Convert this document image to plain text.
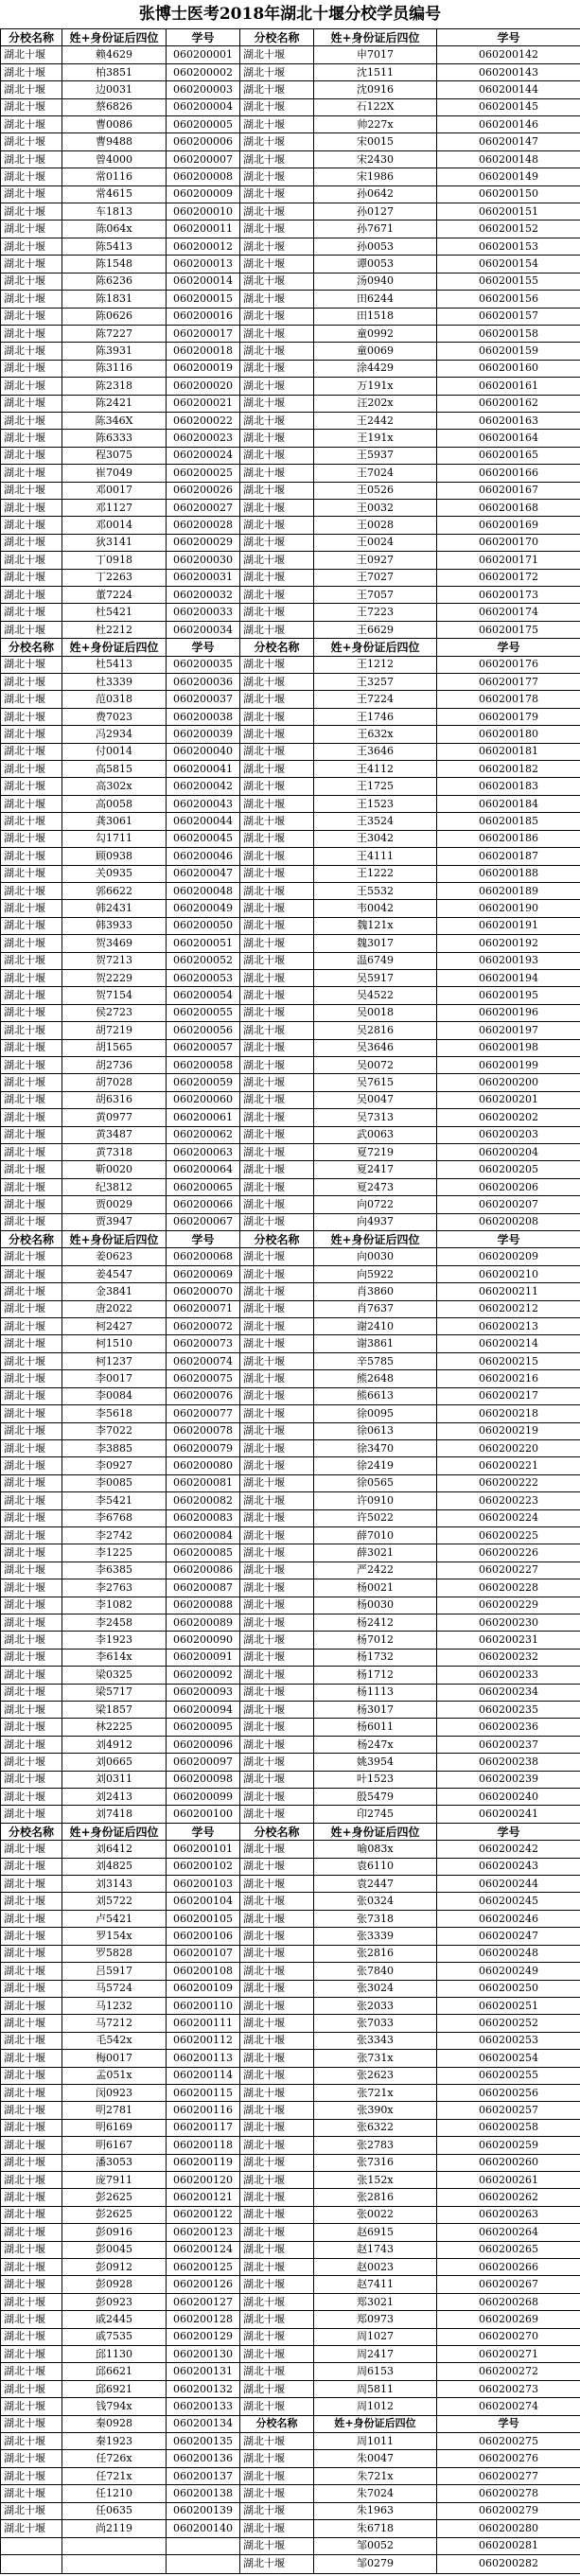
张博士医考2018年湖北十堰分校学员编号
分校名称	姓+身份证后四位	学号	分校名称	姓+身份证后四位	学号
湖北十堰	赖4629	060200001	湖北十堰	申7017	060200142
湖北十堰	柏3851	060200002	湖北十堰	沈1511	060200143
湖北十堰	边0031	060200003	湖北十堰	沈0916	060200144
湖北十堰	蔡6826	060200004	湖北十堰	石122X	060200145
湖北十堰	曹0086	060200005	湖北十堰	帅227x	060200146
湖北十堰	曹9488	060200006	湖北十堰	宋0015	060200147
湖北十堰	曾4000	060200007	湖北十堰	宋2430	060200148
湖北十堰	常0116	060200008	湖北十堰	宋1986	060200149
湖北十堰	常4615	060200009	湖北十堰	孙0642	060200150
湖北十堰	车1813	060200010	湖北十堰	孙0127	060200151
湖北十堰	陈064x	060200011	湖北十堰	孙7671	060200152
湖北十堰	陈5413	060200012	湖北十堰	孙0053	060200153
湖北十堰	陈1548	060200013	湖北十堰	谭0053	060200154
湖北十堰	陈6236	060200014	湖北十堰	汤0940	060200155
湖北十堰	陈1831	060200015	湖北十堰	田6244	060200156
湖北十堰	陈0626	060200016	湖北十堰	田1518	060200157
湖北十堰	陈7227	060200017	湖北十堰	童0992	060200158
湖北十堰	陈3931	060200018	湖北十堰	童0069	060200159
湖北十堰	陈3116	060200019	湖北十堰	涂4429	060200160
湖北十堰	陈2318	060200020	湖北十堰	万191x	060200161
湖北十堰	陈2421	060200021	湖北十堰	汪202x	060200162
湖北十堰	陈346X	060200022	湖北十堰	王2442	060200163
湖北十堰	陈6333	060200023	湖北十堰	王191x	060200164
湖北十堰	程3075	060200024	湖北十堰	王5937	060200165
湖北十堰	崔7049	060200025	湖北十堰	王7024	060200166
湖北十堰	邓0017	060200026	湖北十堰	王0526	060200167
湖北十堰	邓1127	060200027	湖北十堰	王0032	060200168
湖北十堰	邓0014	060200028	湖北十堰	王0028	060200169
湖北十堰	狄3141	060200029	湖北十堰	王0024	060200170
湖北十堰	丁0918	060200030	湖北十堰	王0927	060200171
湖北十堰	丁2263	060200031	湖北十堰	王7027	060200172
湖北十堰	董7224	060200032	湖北十堰	王7057	060200173
湖北十堰	杜5421	060200033	湖北十堰	王7223	060200174
湖北十堰	杜2212	060200034	湖北十堰	王6629	060200175
分校名称	姓+身份证后四位	学号	分校名称	姓+身份证后四位	学号
湖北十堰	杜5413	060200035	湖北十堰	王1212	060200176
湖北十堰	杜3339	060200036	湖北十堰	王3257	060200177
湖北十堰	范0318	060200037	湖北十堰	王7224	060200178
湖北十堰	费7023	060200038	湖北十堰	王1746	060200179
湖北十堰	冯2934	060200039	湖北十堰	王632x	060200180
湖北十堰	付0014	060200040	湖北十堰	王3646	060200181
湖北十堰	高5815	060200041	湖北十堰	王4112	060200182
湖北十堰	高302x	060200042	湖北十堰	王1725	060200183
湖北十堰	高0058	060200043	湖北十堰	王1523	060200184
湖北十堰	龚3061	060200044	湖北十堰	王3524	060200185
湖北十堰	勾1711	060200045	湖北十堰	王3042	060200186
湖北十堰	顾0938	060200046	湖北十堰	王4111	060200187
湖北十堰	关0935	060200047	湖北十堰	王1222	060200188
湖北十堰	郭6622	060200048	湖北十堰	王5532	060200189
湖北十堰	韩2431	060200049	湖北十堰	韦0042	060200190
湖北十堰	韩3933	060200050	湖北十堰	魏121x	060200191
湖北十堰	贺3469	060200051	湖北十堰	魏3017	060200192
湖北十堰	贺7213	060200052	湖北十堰	温6749	060200193
湖北十堰	贺2229	060200053	湖北十堰	吴5917	060200194
湖北十堰	贺7154	060200054	湖北十堰	吴4522	060200195
湖北十堰	侯2723	060200055	湖北十堰	吴0018	060200196
湖北十堰	胡7219	060200056	湖北十堰	吴2816	060200197
湖北十堰	胡1565	060200057	湖北十堰	吴3646	060200198
湖北十堰	胡2736	060200058	湖北十堰	吴0072	060200199
湖北十堰	胡7028	060200059	湖北十堰	吴7615	060200200
湖北十堰	胡6316	060200060	湖北十堰	吴0047	060200201
湖北十堰	黄0977	060200061	湖北十堰	吴7313	060200202
湖北十堰	黄3487	060200062	湖北十堰	武0063	060200203
湖北十堰	黄7318	060200063	湖北十堰	夏7219	060200204
湖北十堰	靳0020	060200064	湖北十堰	夏2417	060200205
湖北十堰	纪3812	060200065	湖北十堰	夏2473	060200206
湖北十堰	贾0029	060200066	湖北十堰	向0722	060200207
湖北十堰	贾3947	060200067	湖北十堰	向4937	060200208
分校名称	姓+身份证后四位	学号	分校名称	姓+身份证后四位	学号
湖北十堰	姜0623	060200068	湖北十堰	向0030	060200209
湖北十堰	姜4547	060200069	湖北十堰	向5922	060200210
湖北十堰	金3841	060200070	湖北十堰	肖3860	060200211
湖北十堰	唐2022	060200071	湖北十堰	肖7637	060200212
湖北十堰	柯2427	060200072	湖北十堰	谢2410	060200213
湖北十堰	柯1510	060200073	湖北十堰	谢3861	060200214
湖北十堰	柯1237	060200074	湖北十堰	辛5785	060200215
湖北十堰	李0017	060200075	湖北十堰	熊2648	060200216
湖北十堰	李0084	060200076	湖北十堰	熊6613	060200217
湖北十堰	李5618	060200077	湖北十堰	徐0095	060200218
湖北十堰	李7022	060200078	湖北十堰	徐0613	060200219
湖北十堰	李3885	060200079	湖北十堰	徐3470	060200220
湖北十堰	李0927	060200080	湖北十堰	徐2419	060200221
湖北十堰	李0085	060200081	湖北十堰	徐0565	060200222
湖北十堰	李5421	060200082	湖北十堰	许0910	060200223
湖北十堰	李6768	060200083	湖北十堰	许5022	060200224
湖北十堰	李2742	060200084	湖北十堰	薛7010	060200225
湖北十堰	李1225	060200085	湖北十堰	薛3021	060200226
湖北十堰	李6385	060200086	湖北十堰	严2422	060200227
湖北十堰	李2763	060200087	湖北十堰	杨0021	060200228
湖北十堰	李1082	060200088	湖北十堰	杨0030	060200229
湖北十堰	李2458	060200089	湖北十堰	杨2412	060200230
湖北十堰	李1923	060200090	湖北十堰	杨7012	060200231
湖北十堰	李614x	060200091	湖北十堰	杨1732	060200232
湖北十堰	梁0325	060200092	湖北十堰	杨1712	060200233
湖北十堰	梁5717	060200093	湖北十堰	杨1113	060200234
湖北十堰	梁1857	060200094	湖北十堰	杨3017	060200235
湖北十堰	林2225	060200095	湖北十堰	杨6011	060200236
湖北十堰	刘4912	060200096	湖北十堰	杨247x	060200237
湖北十堰	刘0665	060200097	湖北十堰	姚3954	060200238
湖北十堰	刘0311	060200098	湖北十堰	叶1523	060200239
湖北十堰	刘2413	060200099	湖北十堰	殷5479	060200240
湖北十堰	刘7418	060200100	湖北十堰	印2745	060200241
分校名称	姓+身份证后四位	学号	分校名称	姓+身份证后四位	学号
湖北十堰	刘6412	060200101	湖北十堰	喻083x	060200242
湖北十堰	刘4825	060200102	湖北十堰	袁6110	060200243
湖北十堰	刘3143	060200103	湖北十堰	袁2447	060200244
湖北十堰	刘5722	060200104	湖北十堰	张0324	060200245
湖北十堰	卢5421	060200105	湖北十堰	张7318	060200246
湖北十堰	罗154x	060200106	湖北十堰	张3339	060200247
湖北十堰	罗5828	060200107	湖北十堰	张2816	060200248
湖北十堰	吕5917	060200108	湖北十堰	张7840	060200249
湖北十堰	马5724	060200109	湖北十堰	张3024	060200250
湖北十堰	马1232	060200110	湖北十堰	张2033	060200251
湖北十堰	马7212	060200111	湖北十堰	张7033	060200252
湖北十堰	毛542x	060200112	湖北十堰	张3343	060200253
湖北十堰	梅0017	060200113	湖北十堰	张731x	060200254
湖北十堰	孟051x	060200114	湖北十堰	张2623	060200255
湖北十堰	闵0923	060200115	湖北十堰	张721x	060200256
湖北十堰	明2781	060200116	湖北十堰	张390x	060200257
湖北十堰	明6169	060200117	湖北十堰	张6322	060200258
湖北十堰	明6167	060200118	湖北十堰	张2783	060200259
湖北十堰	潘3053	060200119	湖北十堰	张7316	060200260
湖北十堰	庞7911	060200120	湖北十堰	张152x	060200261
湖北十堰	彭2625	060200121	湖北十堰	张2816	060200262
湖北十堰	彭2625	060200122	湖北十堰	张0022	060200263
湖北十堰	彭0916	060200123	湖北十堰	赵6915	060200264
湖北十堰	彭0045	060200124	湖北十堰	赵1743	060200265
湖北十堰	彭0912	060200125	湖北十堰	赵0023	060200266
湖北十堰	彭0928	060200126	湖北十堰	赵7411	060200267
湖北十堰	彭0923	060200127	湖北十堰	郑3021	060200268
湖北十堰	戚2445	060200128	湖北十堰	郑0973	060200269
湖北十堰	戚7535	060200129	湖北十堰	周1027	060200270
湖北十堰	邱1130	060200130	湖北十堰	周2417	060200271
湖北十堰	邱6621	060200131	湖北十堰	周6153	060200272
湖北十堰	邱6921	060200132	湖北十堰	周5811	060200273
湖北十堰	钱794x	060200133	湖北十堰	周1012	060200274
湖北十堰	秦0928	060200134	分校名称	姓+身份证后四位	学号
湖北十堰	秦1923	060200135	湖北十堰	周1011	060200275
湖北十堰	任726x	060200136	湖北十堰	朱0047	060200276
湖北十堰	任721x	060200137	湖北十堰	朱721x	060200277
湖北十堰	任1210	060200138	湖北十堰	朱7024	060200278
湖北十堰	任0635	060200139	湖北十堰	朱1963	060200279
湖北十堰	尚2119	060200140	湖北十堰	朱6718	060200280
			湖北十堰	邹0052	060200281
			湖北十堰	邹0279	060200282
